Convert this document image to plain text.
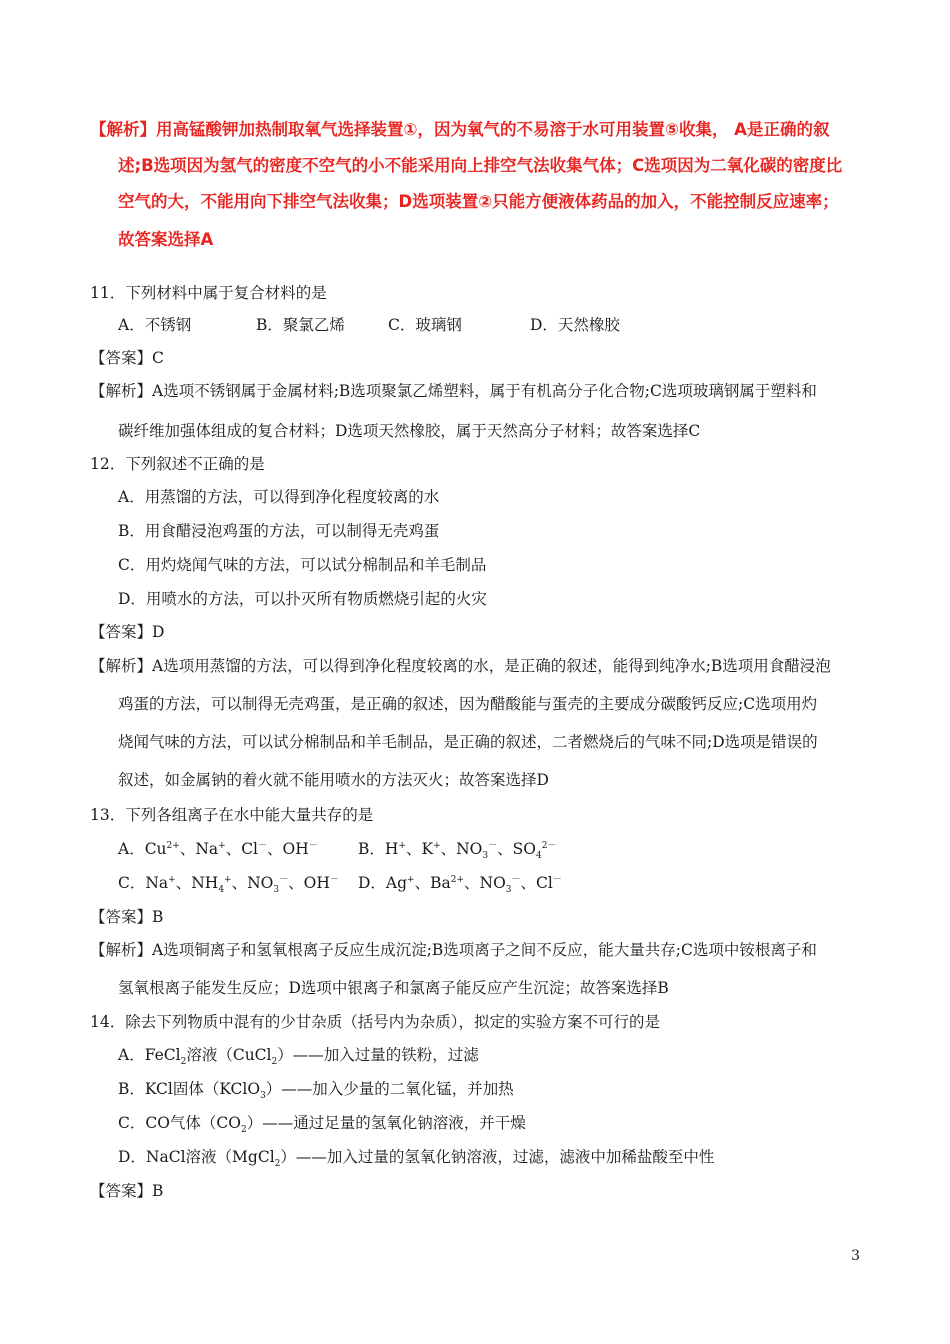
【解析】用高锰酸钾加热制取氧气选择装置①，因为氧气的不易溶于水可用装置⑤收集， A是正确的叙
述;B选项因为氢气的密度不空气的小不能采用向上排空气法收集气体；C选项因为二氧化碳的密度比
空气的大，不能用向下排空气法收集；D选项装置②只能方便液体药品的加入，不能控制反应速率；
故答案选择A
11．下列材料中属于复合材料的是
A．不锈钢	B．聚氯乙烯	C．玻璃钢	D．天然橡胶
【答案】C
【解析】A选项不锈钢属于金属材料;B选项聚氯乙烯塑料，属于有机高分子化合物;C选项玻璃钢属于塑料和
碳纤维加强体组成的复合材料；D选项天然橡胶，属于天然高分子材料；故答案选择C
12．下列叙述不正确的是
A．用蒸馏的方法，可以得到净化程度较离的水
B．用食醋浸泡鸡蛋的方法，可以制得无壳鸡蛋
C．用灼烧闻气味的方法，可以试分棉制品和羊毛制品
D．用喷水的方法，可以扑灭所有物质燃烧引起的火灾
【答案】D
【解析】A选项用蒸馏的方法，可以得到净化程度较离的水，是正确的叙述，能得到纯净水;B选项用食醋浸泡
鸡蛋的方法，可以制得无壳鸡蛋，是正确的叙述，因为醋酸能与蛋壳的主要成分碳酸钙反应;C选项用灼
烧闻气味的方法，可以试分棉制品和羊毛制品，是正确的叙述，二者燃烧后的气味不同;D选项是错误的
叙述，如金属钠的着火就不能用喷水的方法灭火；故答案选择D
13．下列各组离子在水中能大量共存的是
A．$Cu^{2+}$、Na+、Cl－、OH－	B．H+、K+、$NO_3^-$、$SO_4^{2-}$
C．Na+、$NH_4^+$、$NO_3^-$、OH－ D．Ag+、$Ba^{2+}$、$NO_3^-$、Cl－
【答案】B
【解析】A选项铜离子和氢氧根离子反应生成沉淀;B选项离子之间不反应，能大量共存;C选项中铵根离子和
氢氧根离子能发生反应；D选项中银离子和氯离子能反应产生沉淀；故答案选择B
14．除去下列物质中混有的少甘杂质（括号内为杂质），拟定的实验方案不可行的是
A．FeCl$_2$溶液（CuCl$_2$）——加入过量的铁粉，过滤
B．KCl固体（KClO$_3$）——加入少量的二氧化锰，并加热
C．CO气体$(CO_2)——$通过足量的氢氧化钠溶液，并干燥
D．NaCl溶液（MgCl$_2$）——加入过量的氢氧化钠溶液，过滤，滤液中加稀盐酸至中性
【答案】B
3
